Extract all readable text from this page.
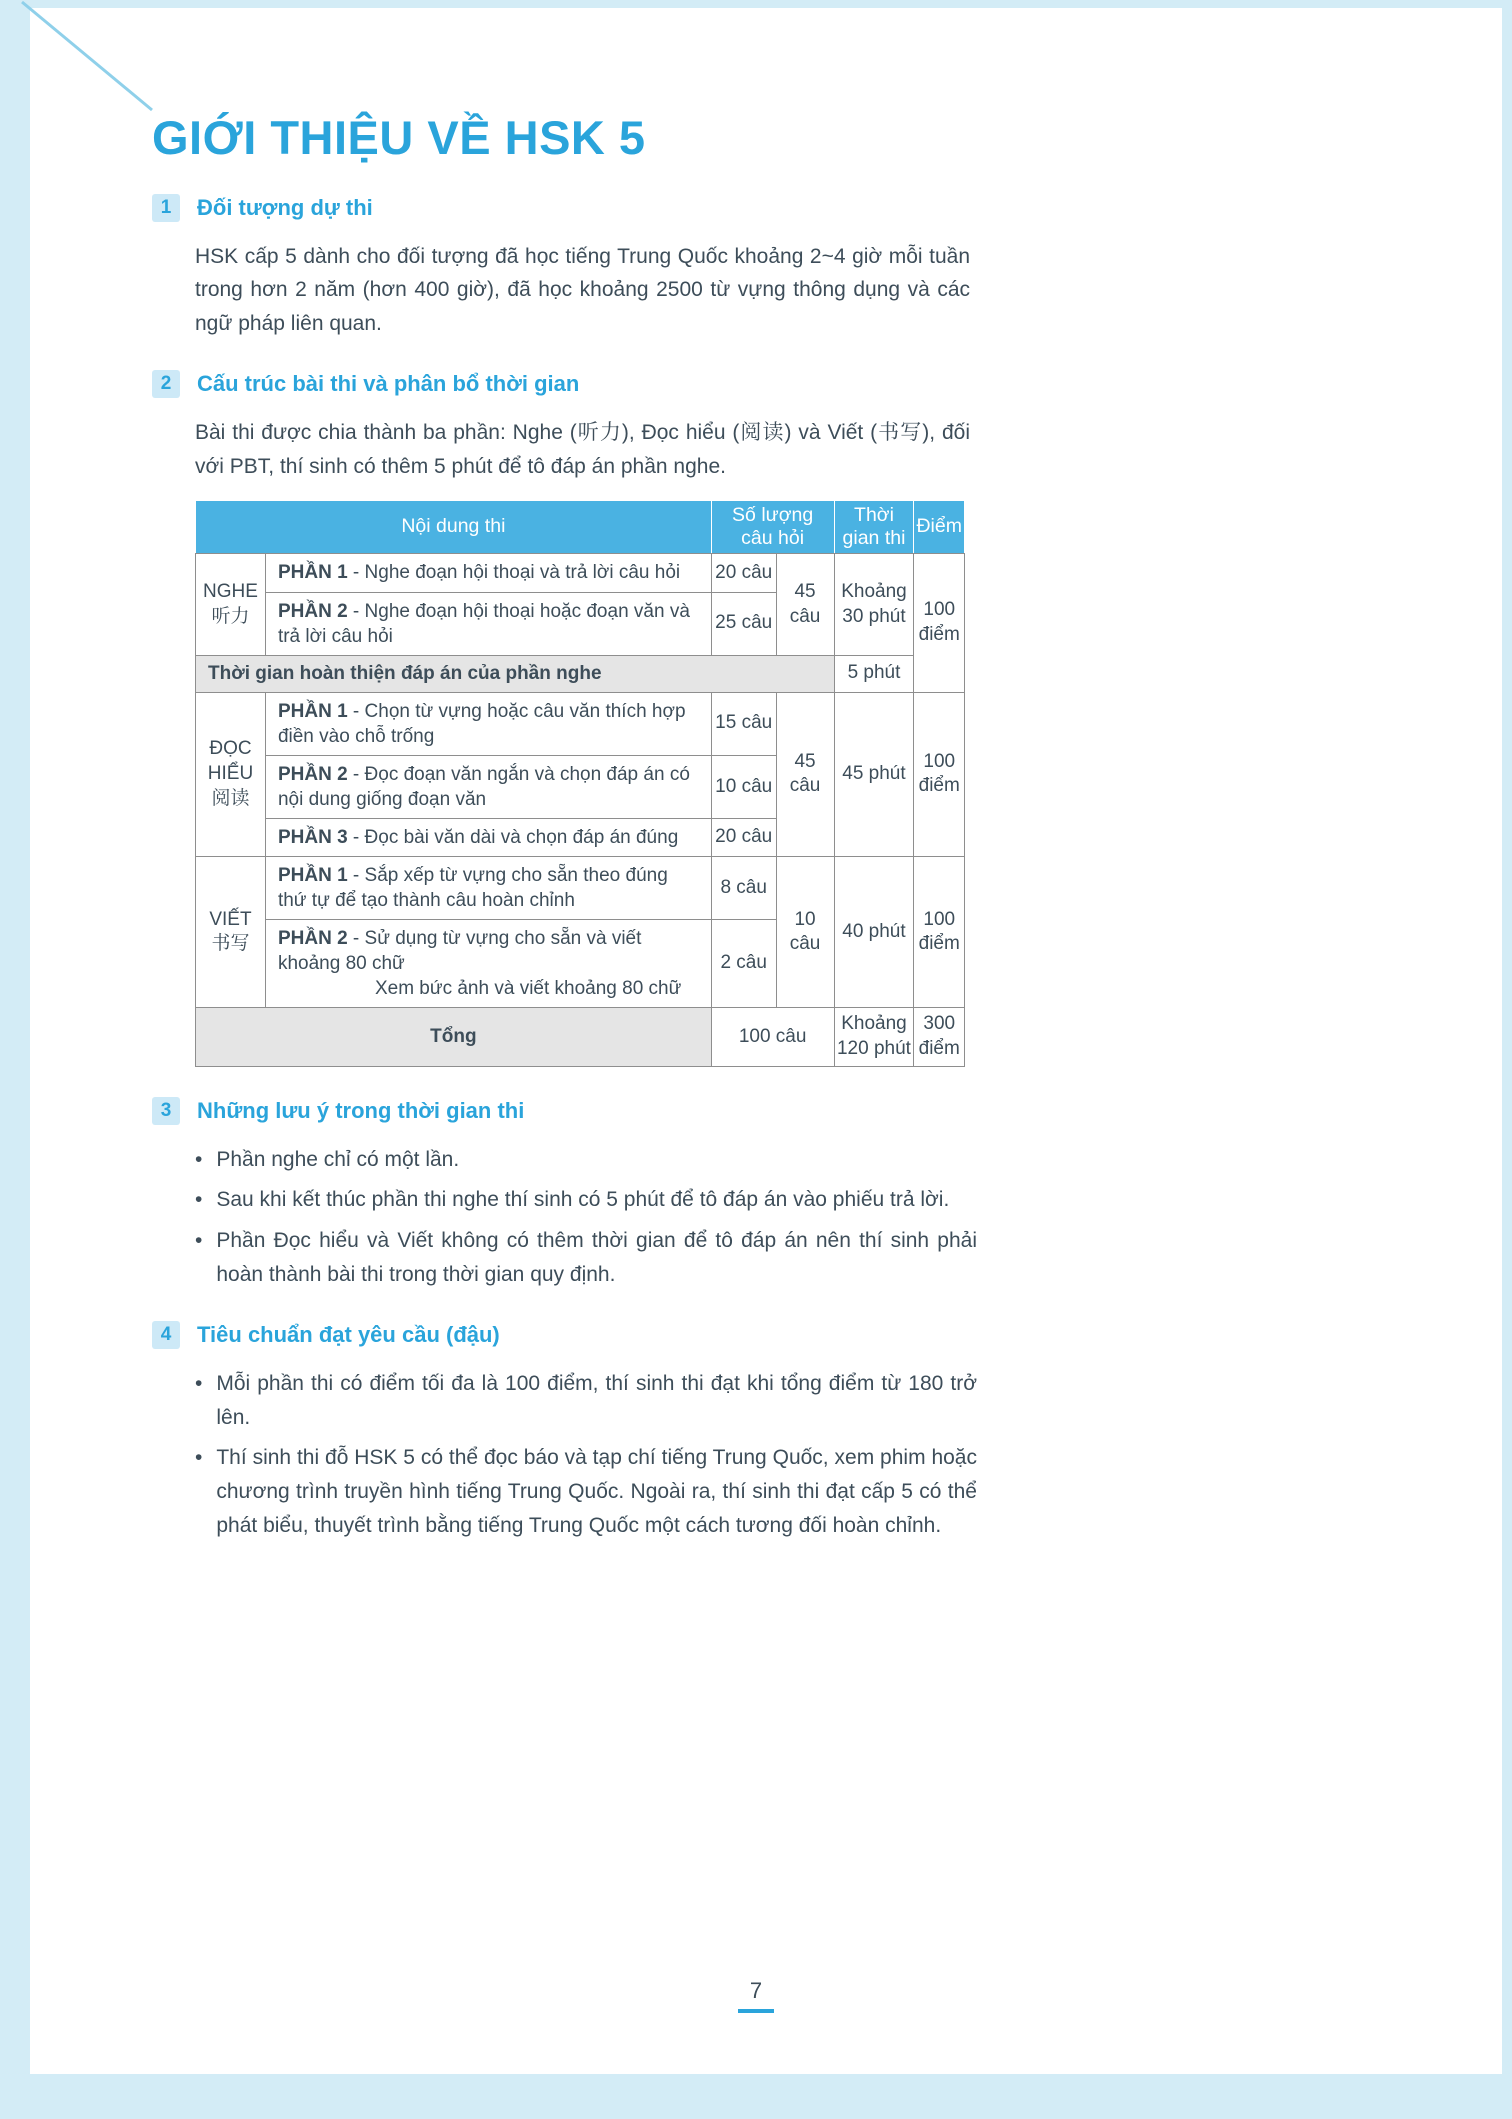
GIỚI THIỆU VỀ HSK 5
1	Đối tượng dự thi

HSK cấp 5 dành cho đối tượng đã học tiếng Trung Quốc khoảng 2~4 giờ mỗi tuần trong hơn 2 năm (hơn 400 giờ), đã học khoảng 2500 từ vựng thông dụng và các ngữ pháp liên quan.

2	Cấu trúc bài thi và phân bổ thời gian

Bài thi được chia thành ba phần: Nghe (听力), Đọc hiểu (阅读) và Viết (书写), đối với PBT, thí sinh có thêm 5 phút để tô đáp án phần nghe.

Nội dung thi		Số lượng câu hỏi		Thời gian thi	Điểm

NGHE
听力	PHẦN 1 - Nghe đoạn hội thoại và trả lời câu hỏi	20 câu	45 câu	Khoảng 30 phút	100 điểm
	PHẦN 2 - Nghe đoạn hội thoại hoặc đoạn văn và trả lời câu hỏi	25 câu			
Thời gian hoàn thiện đáp án của phần nghe				5 phút	

ĐỌC HIỂU
阅读	PHẦN 1 - Chọn từ vựng hoặc câu văn thích hợp điền vào chỗ trống	15 câu	45 câu	45 phút	100 điểm
	PHẦN 2 - Đọc đoạn văn ngắn và chọn đáp án có nội dung giống đoạn văn	10 câu			
	PHẦN 3 - Đọc bài văn dài và chọn đáp án đúng	20 câu			

VIẾT
书写	PHẦN 1 - Sắp xếp từ vựng cho sẵn theo đúng thứ tự để tạo thành câu hoàn chỉnh	8 câu	10 câu	40 phút	100 điểm
	PHẦN 2 - Sử dụng từ vựng cho sẵn và viết khoảng 80 chữ
Xem bức ảnh và viết khoảng 80 chữ	2 câu			
Tổng		100 câu		Khoảng 120 phút	300 điểm
3	Những lưu ý trong thời gian thi
• Phần nghe chỉ có một lần.
• Sau khi kết thúc phần thi nghe thí sinh có 5 phút để tô đáp án vào phiếu trả lời.
• Phần Đọc hiểu và Viết không có thêm thời gian để tô đáp án nên thí sinh phải hoàn thành bài thi trong thời gian quy định.
4	Tiêu chuẩn đạt yêu cầu (đậu)
• Mỗi phần thi có điểm tối đa là 100 điểm, thí sinh thi đạt khi tổng điểm từ 180 trở lên.
• Thí sinh thi đỗ HSK 5 có thể đọc báo và tạp chí tiếng Trung Quốc, xem phim hoặc chương trình truyền hình tiếng Trung Quốc. Ngoài ra, thí sinh thi đạt cấp 5 có thể phát biểu, thuyết trình bằng tiếng Trung Quốc một cách tương đối hoàn chỉnh.
7
